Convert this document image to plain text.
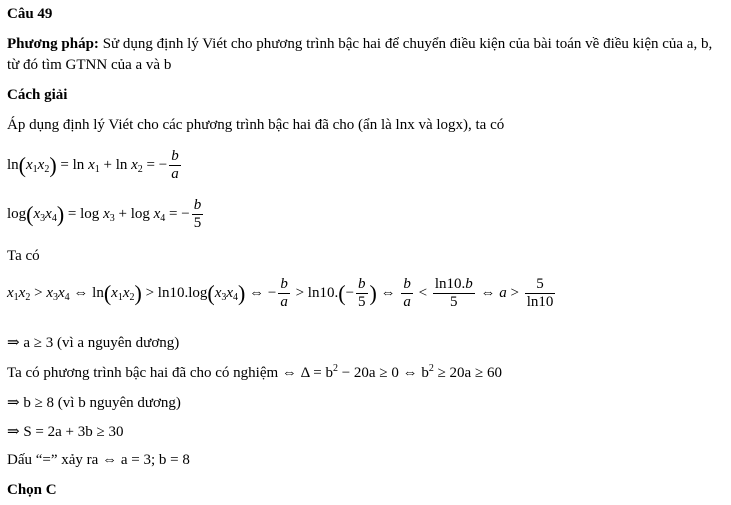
Câu 49
Phương pháp: Sử dụng định lý Viét cho phương trình bậc hai để chuyển điều kiện của bài toán về điều kiện của a, b, từ đó tìm GTNN của a và b
Cách giải
Áp dụng định lý Viét cho các phương trình bậc hai đã cho (ẩn là lnx và logx), ta có
$\ln(x_1x_2) = \ln x_1 + \ln x_2$ = − $\frac{b}{a}$
$\log(x_3x_4) = \log x_3 + \log x_4$ = − $\frac{b}{5}$
Ta có
$x_1x_2 > x_3x_4$ ⇔ $\ln(x_1x_2) > \ln 10.\log(x_3x_4)$ ⇔ − $\frac{b}{a} > \ln 10.(- \frac{b}{5}$ ) ⇔ $\frac{b}{a} < \frac{\ln 10.b}{5}$ ⇔ $a > \frac{5}{\ln 10}$
⇒ a ≥ 3 (vì a nguyên dương)
Ta có phương trình bậc hai đã cho có nghiệm ⇔ $\Delta = b^2 - 20a \ge 0$ ⇔ $b^2 \ge 20a \ge 60$
⇒ b ≥ 8 (vì b nguyên dương)
⇒ S = 2a + 3b ≥ 30
Dấu “=” xảy ra ⇔ a = 3; b = 8
Chọn C
